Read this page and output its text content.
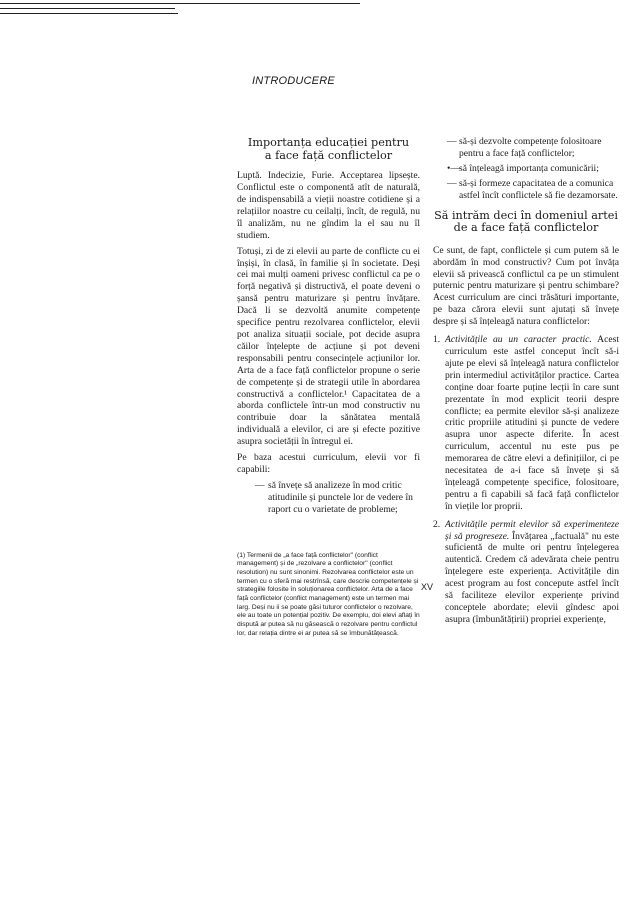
INTRODUCERE
Importanța educației pentru
a face față conflictelor

Luptă. Indecizie, Furie. Acceptarea lipsește. Conflictul este o componentă atît de naturală, de indispensabilă a vieții noastre cotidiene și a relațiilor noastre cu ceilalți, încît, de regulă, nu îl analizăm, nu ne gîndim la el sau nu îl studiem.

Totuși, zi de zi elevii au parte de conflicte cu ei înșiși, în clasă, în familie și în societate. Deși cei mai mulți oameni privesc conflictul ca pe o forță negativă și distructivă, el poate deveni o șansă pentru maturizare și pentru învățare. Dacă li se dezvoltă anumite competențe specifice pentru rezolvarea conflictelor, elevii pot analiza situații sociale, pot decide asupra căilor înțelepte de acțiune și pot deveni responsabili pentru consecințele acțiunilor lor. Arta de a face față conflictelor propune o serie de competențe și de strategii utile în abordarea constructivă a conflictelor.¹ Capacitatea de a aborda conflictele într-un mod constructiv nu contribuie doar la sănătatea mentală individuală a elevilor, ci are și efecte pozitive asupra societății în întregul ei.

Pe baza acestui curriculum, elevii vor fi capabili:

— să învețe să analizeze în mod critic atitudinile și punctele lor de vedere în raport cu o varietate de probleme;
(1) Termenii de „a face față conflictelor" (conflict management) și de „rezolvare a conflictelor" (conflict resolution) nu sunt sinonimi. Rezolvarea conflictelor este un termen cu o sferă mai restrînsă, care descrie competențele și strategiile folosite în soluționarea conflictelor. Arta de a face față conflictelor (conflict management) este un termen mai larg. Deși nu ii se poate găsi tuturor conflictelor o rezolvare, ele au toate un potențial pozitiv. De exemplu, doi elevi aflați în dispută ar putea să nu găsească o rezolvare pentru conflictul lor, dar relația dintre ei ar putea să se îmbunătățească.
— să-și dezvolte competențe folositoare pentru a face față conflictelor;
•— să înțeleagă importanța comunicării;
— să-și formeze capacitatea de a comunica astfel încît conflictele să fie dezamorsate.
Să intrăm deci în domeniul artei
de a face față conflictelor

Ce sunt, de fapt, conflictele și cum putem să le abordăm în mod constructiv? Cum pot învăța elevii să privească conflictul ca pe un stimulent puternic pentru maturizare și pentru schimbare? Acest curriculum are cinci trăsături importante, pe baza cărora elevii sunt ajutați să învețe despre și să înțeleagă natura conflictelor:

1. Activitățile au un caracter practic. Acest curriculum este astfel conceput încît să-i ajute pe elevi să înțeleagă natura conflictelor prin intermediul activităților practice. Cartea conține doar foarte puține lecții în care sunt prezentate în mod explicit teorii despre conflicte; ea permite elevilor să-și analizeze critic propriile atitudini și puncte de vedere asupra unor aspecte diferite. În acest curriculum, accentul nu este pus pe memorarea de către elevi a definițiilor, ci pe necesitatea de a-i face să învețe și să înțeleagă competențe specifice, folositoare, pentru a fi capabili să facă față conflictelor în viețile lor proprii.
2. Activitățile permit elevilor să experimenteze și să progreseze. Învățarea „factuală" nu este suficientă de multe ori pentru înțelegerea autentică. Credem că adevărata cheie pentru înțelegere este experiența. Activitățile din acest program au fost concepute astfel încît să faciliteze elevilor experiențe privind conceptele abordate; elevii gîndesc apoi asupra (îmbunătățirii) propriei experiențe,
XV
